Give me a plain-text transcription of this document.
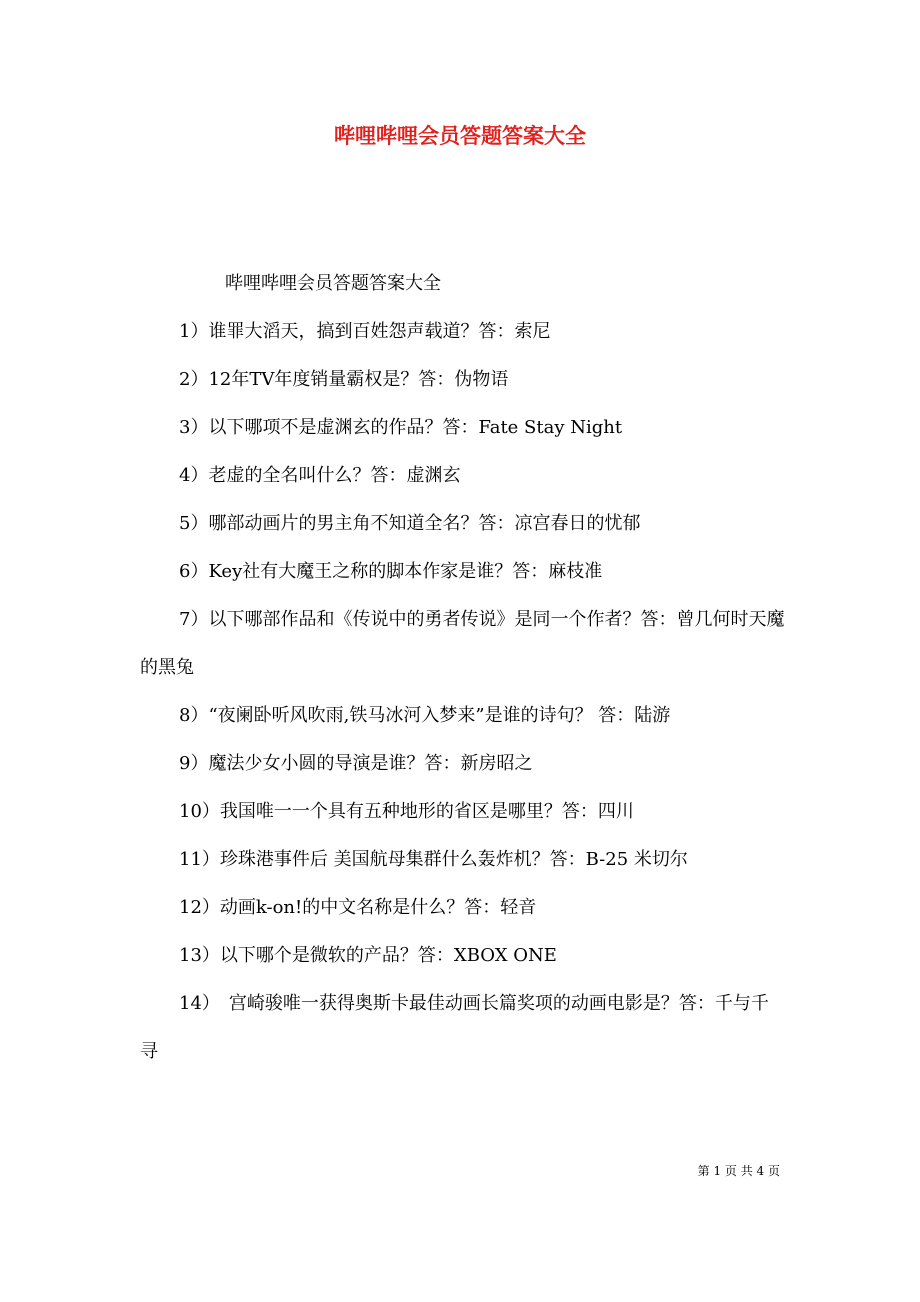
哔哩哔哩会员答题答案大全

哔哩哔哩会员答题答案大全

1）谁罪大滔天，搞到百姓怨声载道？答：索尼

2）12年TV年度销量霸权是？答：伪物语

3）以下哪项不是虚渊玄的作品？答：Fate Stay Night

4）老虚的全名叫什么？答：虚渊玄

5）哪部动画片的男主角不知道全名？答：凉宫春日的忧郁

6）Key社有大魔王之称的脚本作家是谁？答：麻枝准

7）以下哪部作品和《传说中的勇者传说》是同一个作者？答：曾几何时天魔的黑兔

8）“夜阑卧听风吹雨,铁马冰河入梦来”是谁的诗句？ 答：陆游

9）魔法少女小圆的导演是谁？答：新房昭之

10）我国唯一一个具有五种地形的省区是哪里？答：四川

11）珍珠港事件后 美国航母集群什么轰炸机？答：B-25 米切尔

12）动画k-on!的中文名称是什么？答：轻音

13）以下哪个是微软的产品？答：XBOX ONE

14）　宫崎骏唯一获得奥斯卡最佳动画长篇奖项的动画电影是？答：千与千寻

第 1 页 共 4 页
